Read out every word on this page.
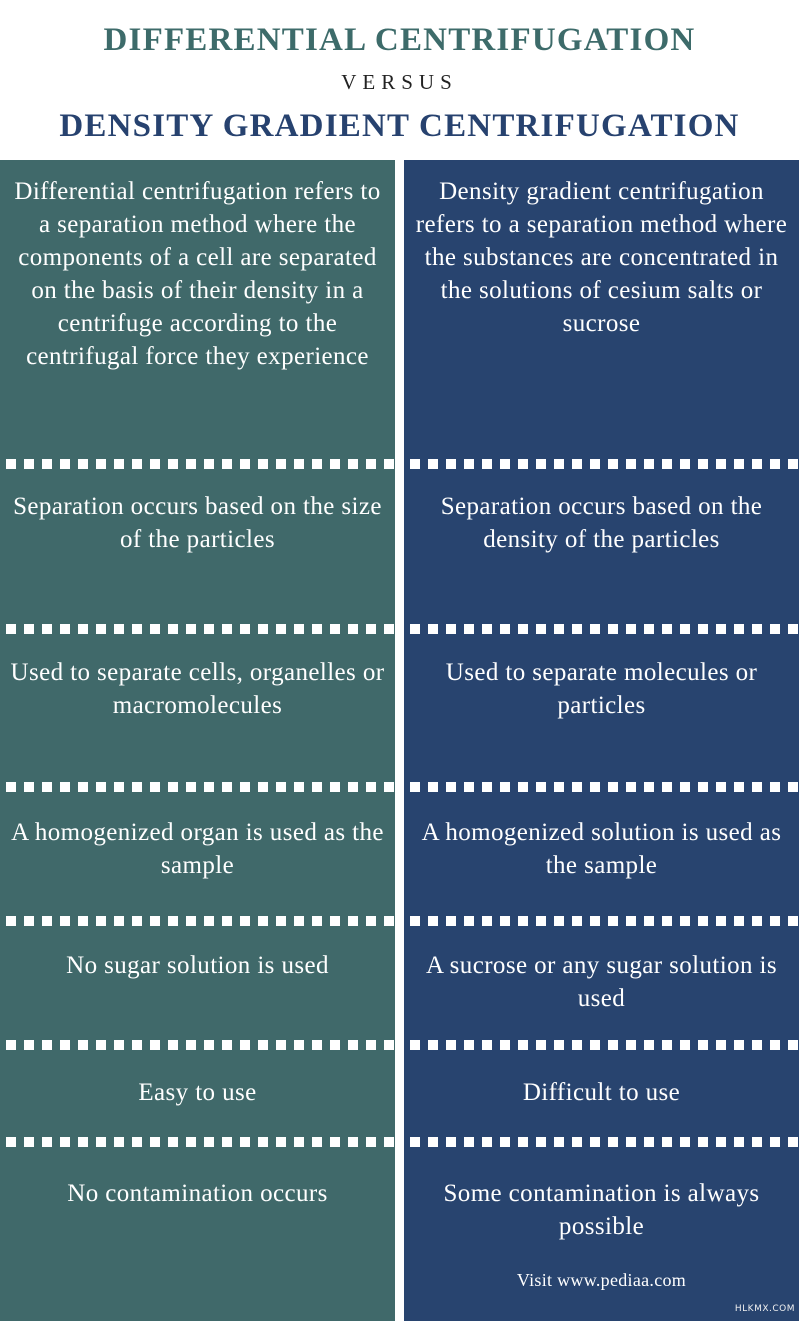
DIFFERENTIAL CENTRIFUGATION
VERSUS
DENSITY GRADIENT CENTRIFUGATION
Differential centrifugation refers to a separation method where the components of a cell are separated on the basis of their density in a centrifuge according to the centrifugal force they experience
Separation occurs based on the size of the particles
Used to separate cells, organelles or macromolecules
A homogenized organ is used as the sample
No sugar solution is used
Easy to use
No contamination occurs
Density gradient centrifugation refers to a separation method where the substances are concentrated in the solutions of cesium salts or sucrose
Separation occurs based on the density of the particles
Used to separate molecules or particles
A homogenized solution is used as the sample
A sucrose or any sugar solution is used
Difficult to use
Some contamination is always possible
Visit www.pediaa.com
HLKMX.COM
